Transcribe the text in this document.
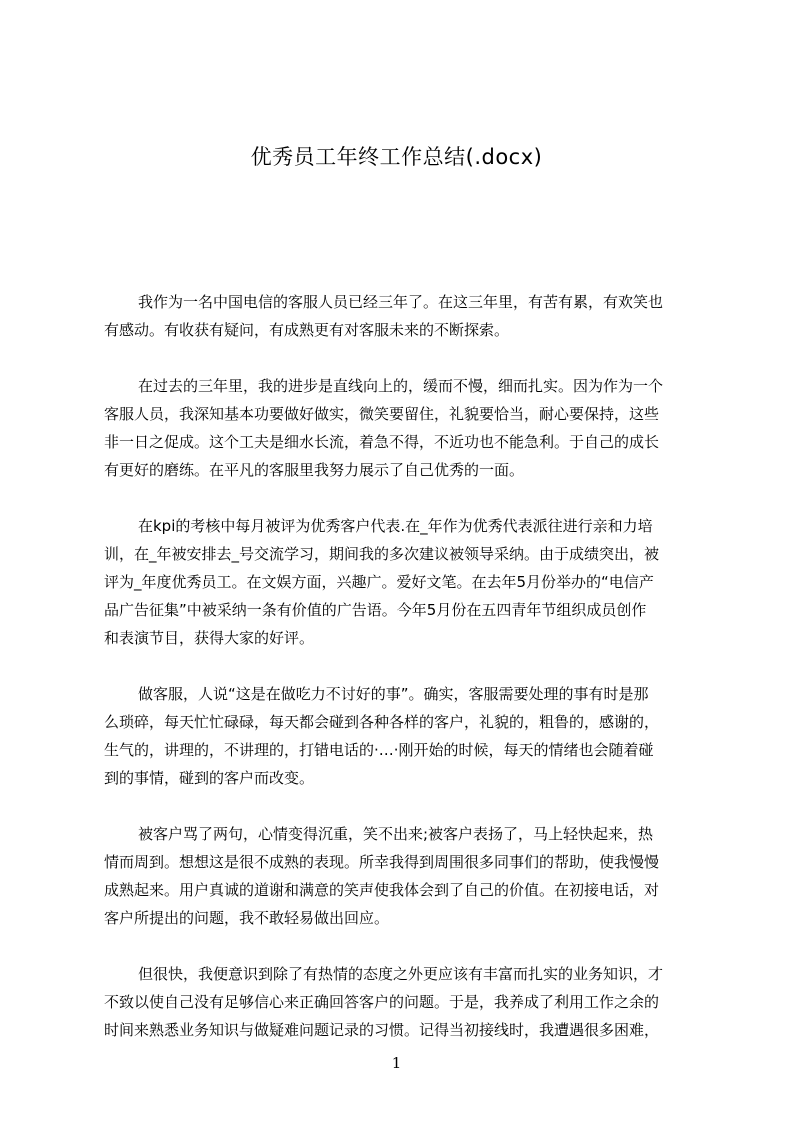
优秀员工年终工作总结(.docx)
我作为一名中国电信的客服人员已经三年了。在这三年里，有苦有累，有欢笑也
有感动。有收获有疑问，有成熟更有对客服未来的不断探索。
在过去的三年里，我的进步是直线向上的，缓而不慢，细而扎实。因为作为一个
客服人员，我深知基本功要做好做实，微笑要留住，礼貌要恰当，耐心要保持，这些
非一日之促成。这个工夫是细水长流，着急不得，不近功也不能急利。于自己的成长
有更好的磨练。在平凡的客服里我努力展示了自己优秀的一面。
在kpi的考核中每月被评为优秀客户代表.在_年作为优秀代表派往进行亲和力培
训，在_年被安排去_号交流学习，期间我的多次建议被领导采纳。由于成绩突出，被
评为_年度优秀员工。在文娱方面，兴趣广。爱好文笔。在去年5月份举办的“电信产
品广告征集”中被采纳一条有价值的广告语。今年5月份在五四青年节组织成员创作
和表演节目，获得大家的好评。
做客服，人说“这是在做吃力不讨好的事”。确实，客服需要处理的事有时是那
么琐碎，每天忙忙碌碌，每天都会碰到各种各样的客户，礼貌的，粗鲁的，感谢的，
生气的，讲理的，不讲理的，打错电话的·…·刚开始的时候，每天的情绪也会随着碰
到的事情，碰到的客户而改变。
被客户骂了两句，心情变得沉重，笑不出来;被客户表扬了，马上轻快起来，热
情而周到。想想这是很不成熟的表现。所幸我得到周围很多同事们的帮助，使我慢慢
成熟起来。用户真诚的道谢和满意的笑声使我体会到了自己的价值。在初接电话，对
客户所提出的问题，我不敢轻易做出回应。
但很快，我便意识到除了有热情的态度之外更应该有丰富而扎实的业务知识，才
不致以使自己没有足够信心来正确回答客户的问题。于是，我养成了利用工作之余的
时间来熟悉业务知识与做疑难问题记录的习惯。记得当初接线时，我遭遇很多困难，
1
